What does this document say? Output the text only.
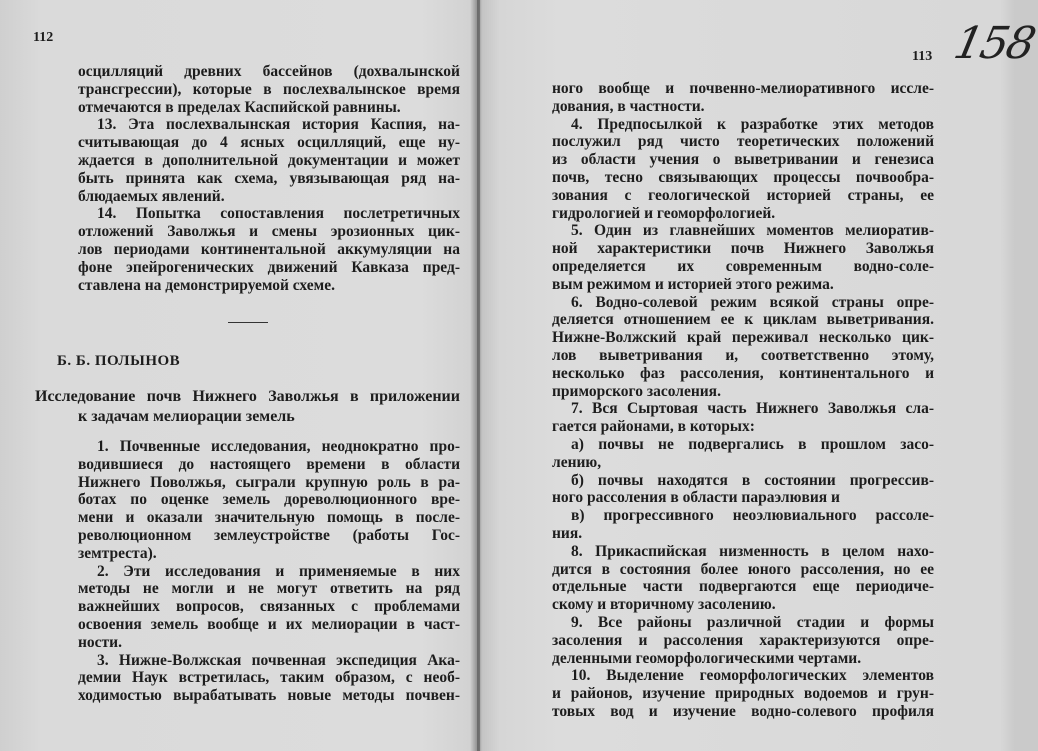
112
113 158
осцилляций древних бассейнов (дохвалынской
трансгрессии), которые в послехвалынское время
отмечаются в пределах Каспийской равнины.
13. Эта послехвалынская история Каспия, на-
считывающая до 4 ясных осцилляций, еще ну-
ждается в дополнительной документации и может
быть принята как схема, увязывающая ряд на-
блюдаемых явлений.
14. Попытка сопоставления послетретичных
отложений Заволжья и смены эрозионных цик-
лов периодами континентальной аккумуляции на
фоне эпейрогенических движений Кавказа пред-
ставлена на демонстрируемой схеме.
Б. Б. ПОЛЫНОВ
Исследование почв Нижнего Заволжья в приложении
к задачам мелиорации земель
1. Почвенные исследования, неоднократно про-
водившиеся до настоящего времени в области
Нижнего Поволжья, сыграли крупную роль в ра-
ботах по оценке земель дореволюционного вре-
мени и оказали значительную помощь в после-
революционном землеустройстве (работы Гос-
земтреста).
2. Эти исследования и применяемые в них
методы не могли и не могут ответить на ряд
важнейших вопросов, связанных с проблемами
освоения земель вообще и их мелиорации в част-
ности.
3. Нижне-Волжская почвенная экспедиция Ака-
демии Наук встретилась, таким образом, с необ-
ходимостью вырабатывать новые методы почвен-
ного вообще и почвенно-мелиоративного иссле-
дования, в частности.
4. Предпосылкой к разработке этих методов
послужил ряд чисто теоретических положений
из области учения о выветривании и генезиса
почв, тесно связывающих процессы почвообра-
зования с геологической историей страны, ее
гидрологией и геоморфологией.
5. Один из главнейших моментов мелиоратив-
ной характеристики почв Нижнего Заволжья
определяется их современным водно-соле-
вым режимом и историей этого режима.
6. Водно-солевой режим всякой страны опре-
деляется отношением ее к циклам выветривания.
Нижне-Волжский край переживал несколько цик-
лов выветривания и, соответственно этому,
несколько фаз рассоления, континентального и
приморского засоления.
7. Вся Сыртовая часть Нижнего Заволжья сла-
гается районами, в которых:
а) почвы не подвергались в прошлом засо-
лению,
б) почвы находятся в состоянии прогрессив-
ного рассоления в области параэлювия и
в) прогрессивного неоэлювиального рассоле-
ния.
8. Прикаспийская низменность в целом нахо-
дится в состояния более юного рассоления, но ее
отдельные части подвергаются еще периодиче-
скому и вторичному засолению.
9. Все районы различной стадии и формы
засоления и рассоления характеризуются опре-
деленными геоморфологическими чертами.
10. Выделение геоморфологических элементов
и районов, изучение природных водоемов и грун-
товых вод и изучение водно-солевого профиля
